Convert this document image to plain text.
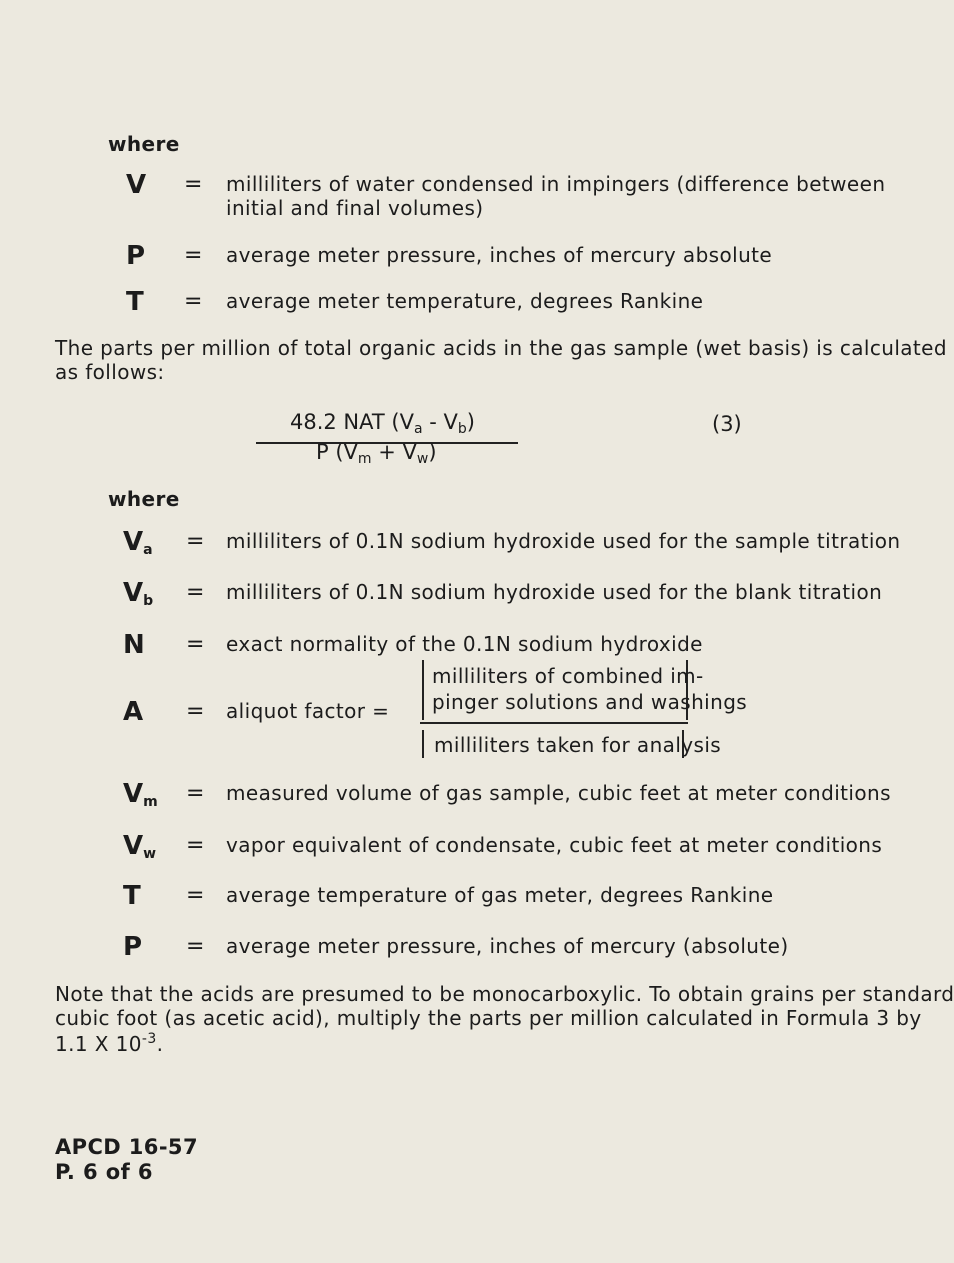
where
V = milliliters of water condensed in impingers (difference between
initial and final volumes)
P = average meter pressure, inches of mercury absolute
T = average meter temperature, degrees Rankine
The parts per million of total organic acids in the gas sample (wet basis) is calculated
as follows:
48.2 NAT $(V_a - V_b)$
P $(V_m + V_w)$
(3)
where
$V_a$ = milliliters of 0.1N sodium hydroxide used for the sample titration
$V_b$ = milliliters of 0.1N sodium hydroxide used for the blank titration
N = exact normality of the 0.1N sodium hydroxide
A = aliquot factor =
milliliters of combined im-
pinger solutions and washings
milliliters taken for analysis
$V_m$ = measured volume of gas sample, cubic feet at meter conditions
$V_w$ = vapor equivalent of condensate, cubic feet at meter conditions
T = average temperature of gas meter, degrees Rankine
P = average meter pressure, inches of mercury (absolute)
Note that the acids are presumed to be monocarboxylic. To obtain grains per standard
cubic foot (as acetic acid), multiply the parts per million calculated in Formula 3 by
1.1 X $10^{-3}$.
APCD 16-57
P. 6 of 6
